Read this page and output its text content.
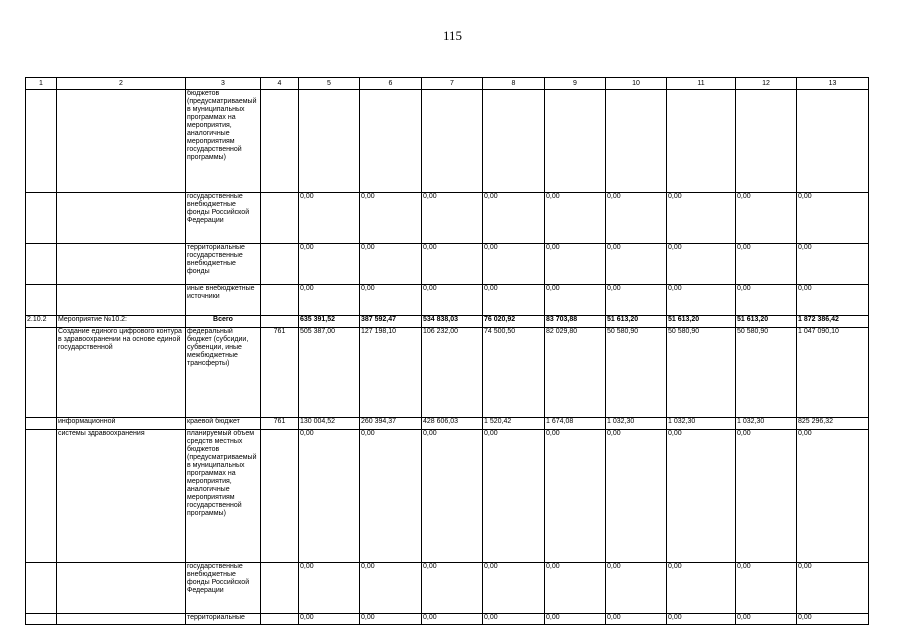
115
1	2	3	4	5	6	7	8	9	10	11	12	13
		бюджетов (предусматриваемый в муниципальных программах на мероприятия, аналогичные мероприятиям государственной программы)										
		государственные внебюджетные фонды Российской Федерации		0,00	0,00	0,00	0,00	0,00	0,00	0,00	0,00	0,00
		территориальные государственные внебюджетные фонды		0,00	0,00	0,00	0,00	0,00	0,00	0,00	0,00	0,00
		иные внебюджетные источники		0,00	0,00	0,00	0,00	0,00	0,00	0,00	0,00	0,00
2.10.2	Мероприятие №10.2:	Всего		635 391,52	387 592,47	534 838,03	76 020,92	83 703,88	51 613,20	51 613,20	51 613,20	1 872 386,42
	Создание единого цифрового контура в здравоохранении на основе единой государственной	федеральный бюджет (субсидии, субвенции, иные межбюджетные трансферты)	761	505 387,00	127 198,10	106 232,00	74 500,50	82 029,80	50 580,90	50 580,90	50 580,90	1 047 090,10
	информационной	краевой бюджет	761	130 004,52	260 394,37	428 606,03	1 520,42	1 674,08	1 032,30	1 032,30	1 032,30	825 296,32
	системы здравоохранения	планируемый объем средств местных бюджетов (предусматриваемый в муниципальных программах на мероприятия, аналогичные мероприятиям государственной программы)		0,00	0,00	0,00	0,00	0,00	0,00	0,00	0,00	0,00
		государственные внебюджетные фонды Российской Федерации		0,00	0,00	0,00	0,00	0,00	0,00	0,00	0,00	0,00
		территориальные		0,00	0,00	0,00	0,00	0,00	0,00	0,00	0,00	0,00
